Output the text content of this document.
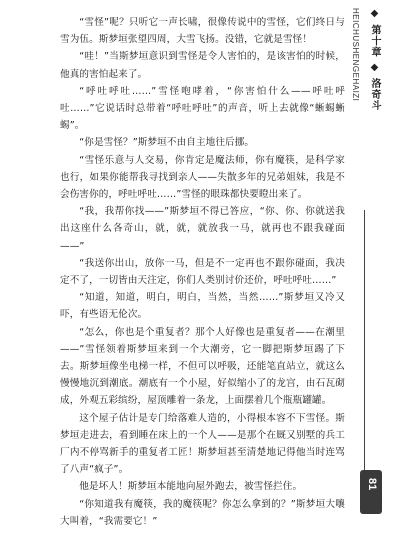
“雪怪”呢？只听它一声长啸，很像传说中的雪怪，它们终日与雪为伍。斯梦垣张望四周，大雪飞扬。没错，它就是雪怪！

“哇！”当斯梦垣意识到雪怪是令人害怕的，是该害怕的时候，他真的害怕起来了。

“呼吐呼吐……”雪怪咆哮着，“你害怕什么——呼吐呼吐……”它说话时总带着“呼吐呼吐”的声音，听上去就像“蜥蜴蜥蜴”。

“你是雪怪？”斯梦垣不由自主地往后挪。

“雪怪乐意与人交易，你肯定是魔法师，你有魔筷，是科学家也行，如果你能帮我寻找到亲人——失散多年的兄弟姐妹，我是不会伤害你的，呼吐呼吐……”雪怪的眼珠都快要瞪出来了。

“我，我帮你找——”斯梦垣不得已答应，“你、你、你就送我出这座什么各奇山，就，就，就放我一马，就再也不跟我碰面——”

“我送你出山，放你一马，但是不一定再也不跟你碰面，我决定不了，一切皆由天注定，你们人类别讨价还价，呼吐呼吐……”

“知道，知道，明白，明白，当然，当然……”斯梦垣又冷又吓，有些语无伦次。

“怎么，你也是个重复者？那个人好像也是重复者——在潮里——”雪怪领着斯梦垣来到一个大潮旁，它一脚把斯梦垣踢了下去。斯梦垣像坐电梯一样，不但可以呼吸，还能笔直站立，就这么慢慢地沉到潮底。潮底有一个小屋，好似缩小了的龙宫，由石瓦砌成，外观五彩缤纷，屋顶雕着一条龙，上面摆着几个瓶瓶罐罐。

这个屋子估计是专门给落难人造的，小得根本容不下雪怪。斯梦垣走进去，看到睡在床上的一个人——是那个在厩又别墅的兵工厂内不停骂新手的重复者工匠！斯梦垣甚至清楚地记得他当时连骂了八声“疯子”。

他是坏人！斯梦垣本能地向屋外跑去，被雪怪拦住。

“你知道我有魔筷，我的魔筷呢？你怎么拿到的？”斯梦垣大嚷大叫着，“我需要它！”

HEICHUSHENGEHAIZI ◆ 第十章 ◆ 洛奇斗
81
